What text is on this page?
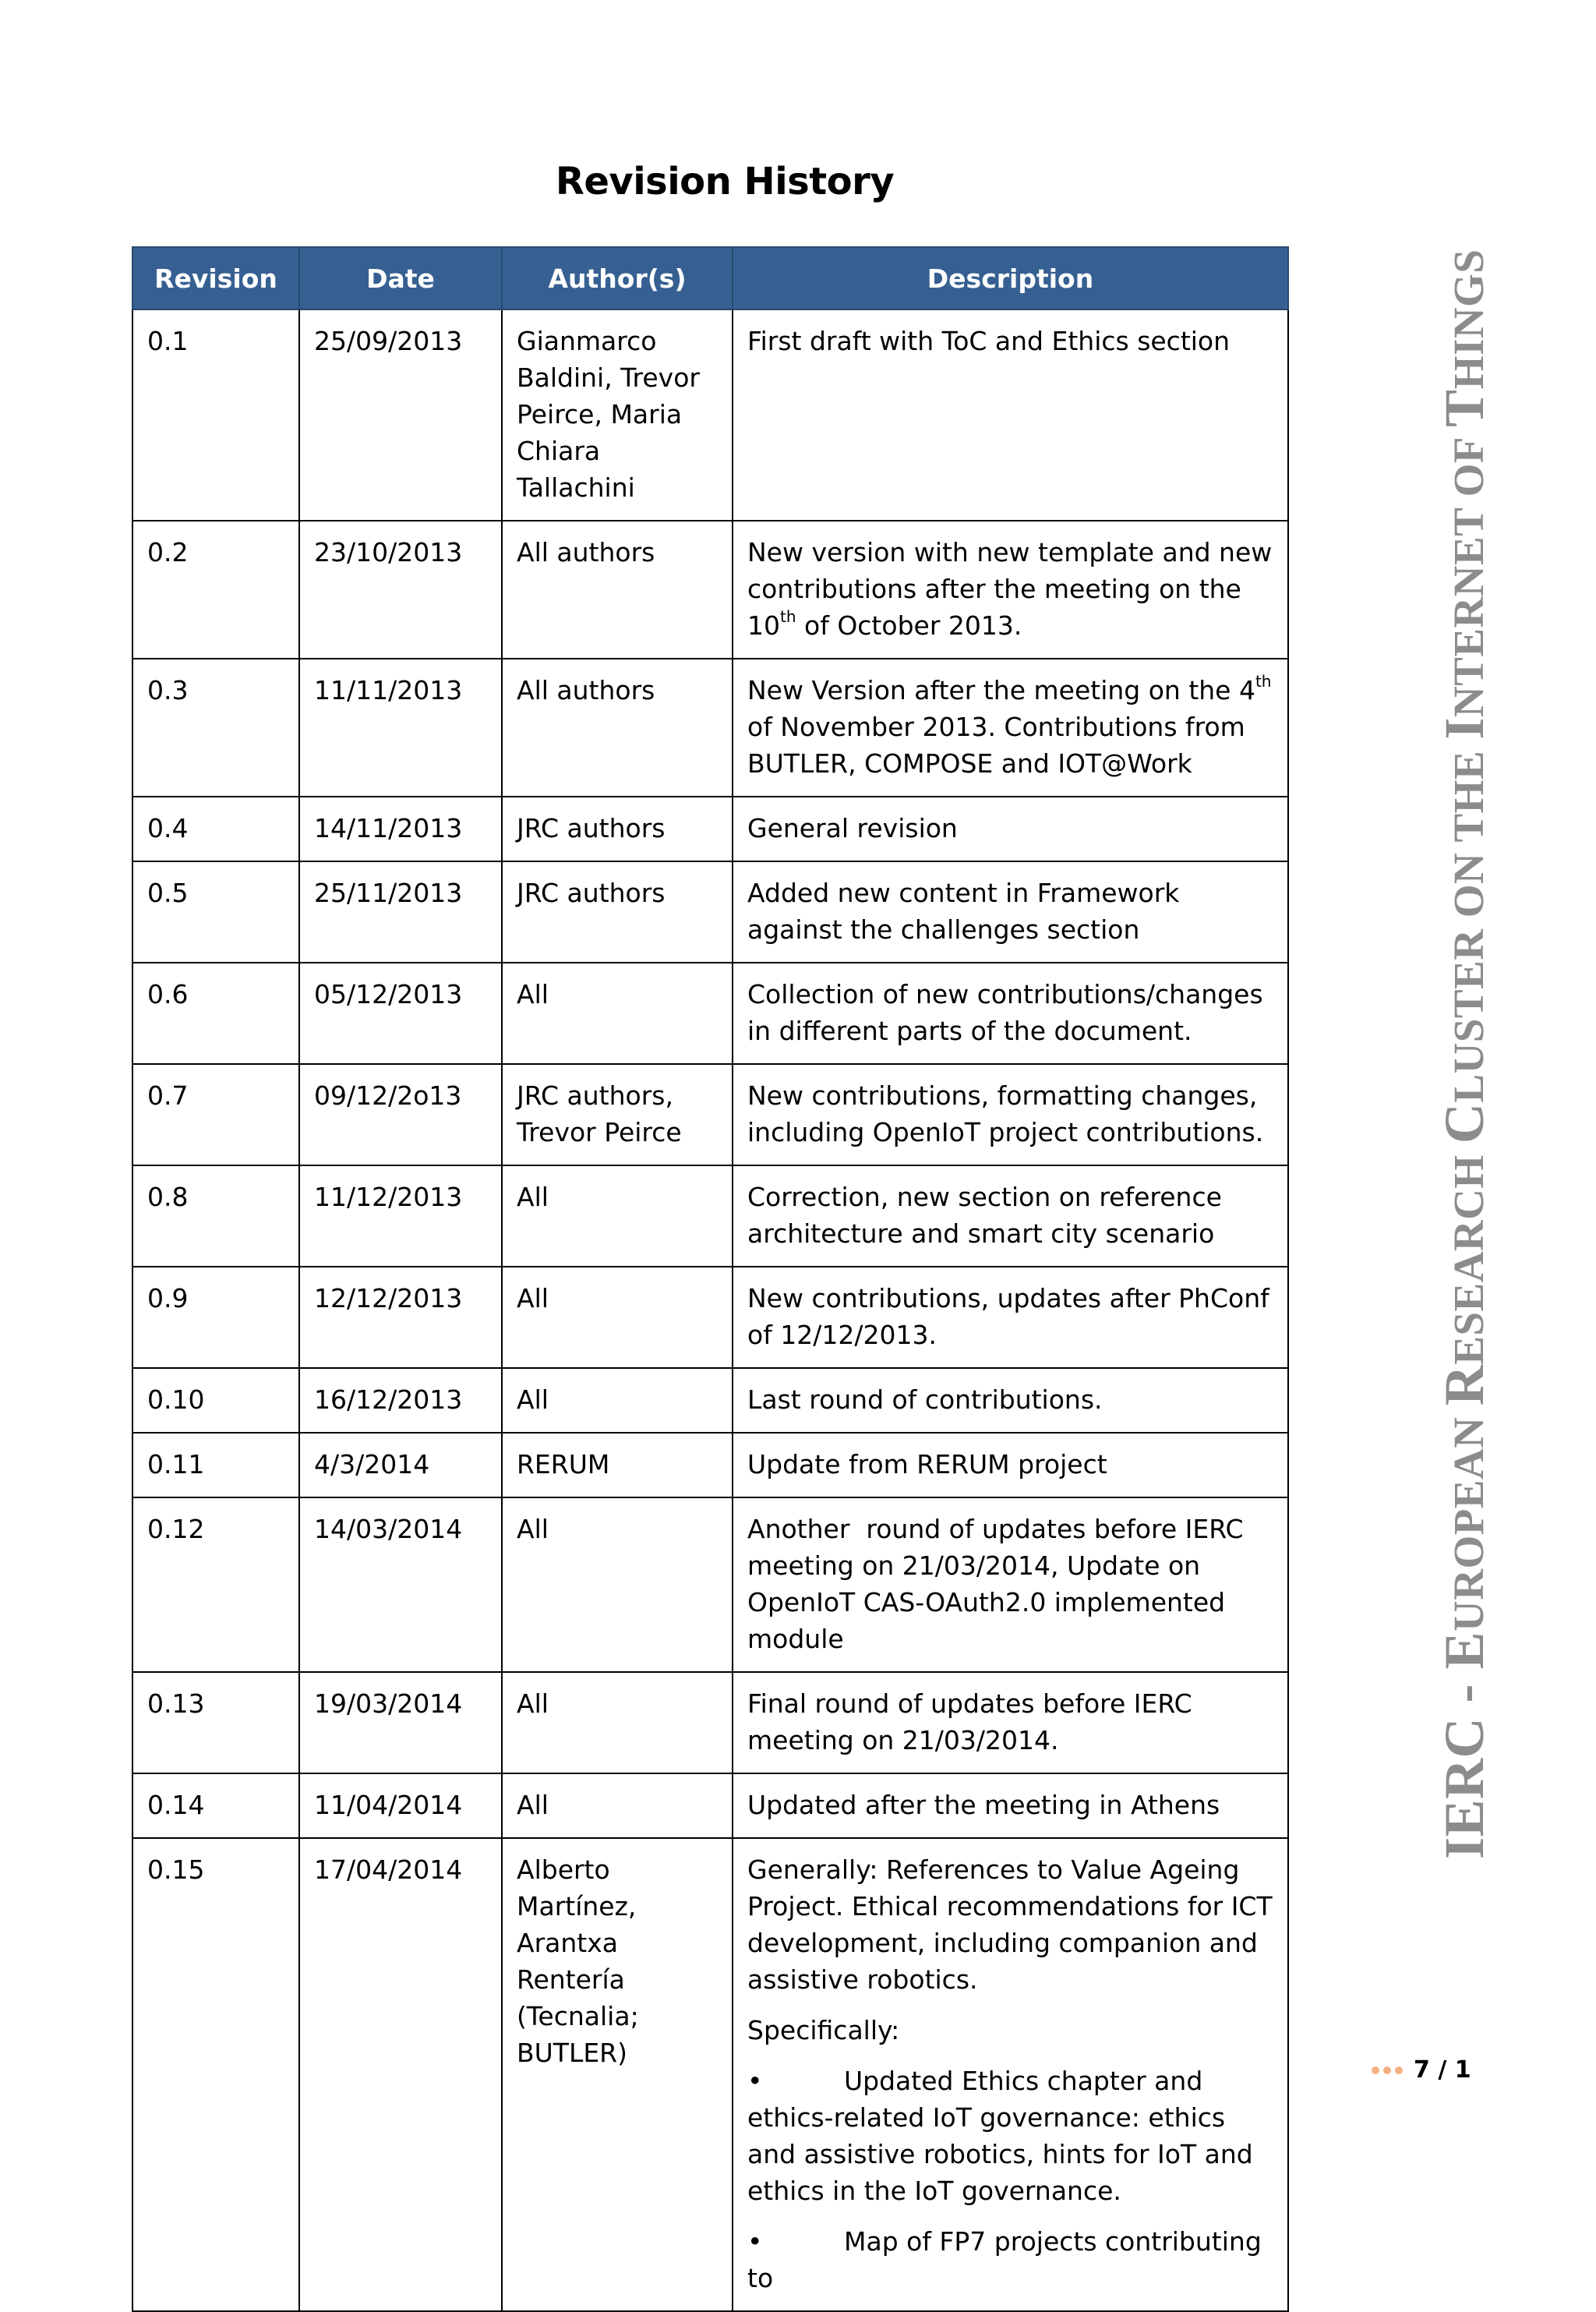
Revision History
Revision	Date	Author(s)	Description
0.1	25/09/2013	Gianmarco Baldini, Trevor Peirce, Maria Chiara Tallachini	First draft with ToC and Ethics section
0.2	23/10/2013	All authors	New version with new template and new contributions after the meeting on the 10th of October 2013.
0.3	11/11/2013	All authors	New Version after the meeting on the 4th of November 2013. Contributions from BUTLER, COMPOSE and IOT@Work
0.4	14/11/2013	JRC authors	General revision
0.5	25/11/2013	JRC authors	Added new content in Framework against the challenges section
0.6	05/12/2013	All	Collection of new contributions/changes in different parts of the document.
0.7	09/12/2o13	JRC authors, Trevor Peirce	New contributions, formatting changes, including OpenIoT project contributions.
0.8	11/12/2013	All	Correction, new section on reference architecture and smart city scenario
0.9	12/12/2013	All	New contributions, updates after PhConf of 12/12/2013.
0.10	16/12/2013	All	Last round of contributions.
0.11	4/3/2014	RERUM	Update from RERUM project
0.12	14/03/2014	All	Another  round of updates before IERC meeting on 21/03/2014, Update on OpenIoT CAS-OAuth2.0 implemented module
0.13	19/03/2014	All	Final round of updates before IERC meeting on 21/03/2014.
0.14	11/04/2014	All	Updated after the meeting in Athens
0.15	17/04/2014	Alberto Martínez, Arantxa Rentería (Tecnalia; BUTLER)	Generally: References to Value Ageing Project. Ethical recommendations for ICT development, including companion and assistive robotics.

Specifically:

• Updated Ethics chapter and ethics-related IoT governance: ethics and assistive robotics, hints for IoT and ethics in the IoT governance.

• Map of FP7 projects contributing to

IERC - EUROPEAN RESEARCH CLUSTER ON THE INTERNET OF THINGS
7 / 1
